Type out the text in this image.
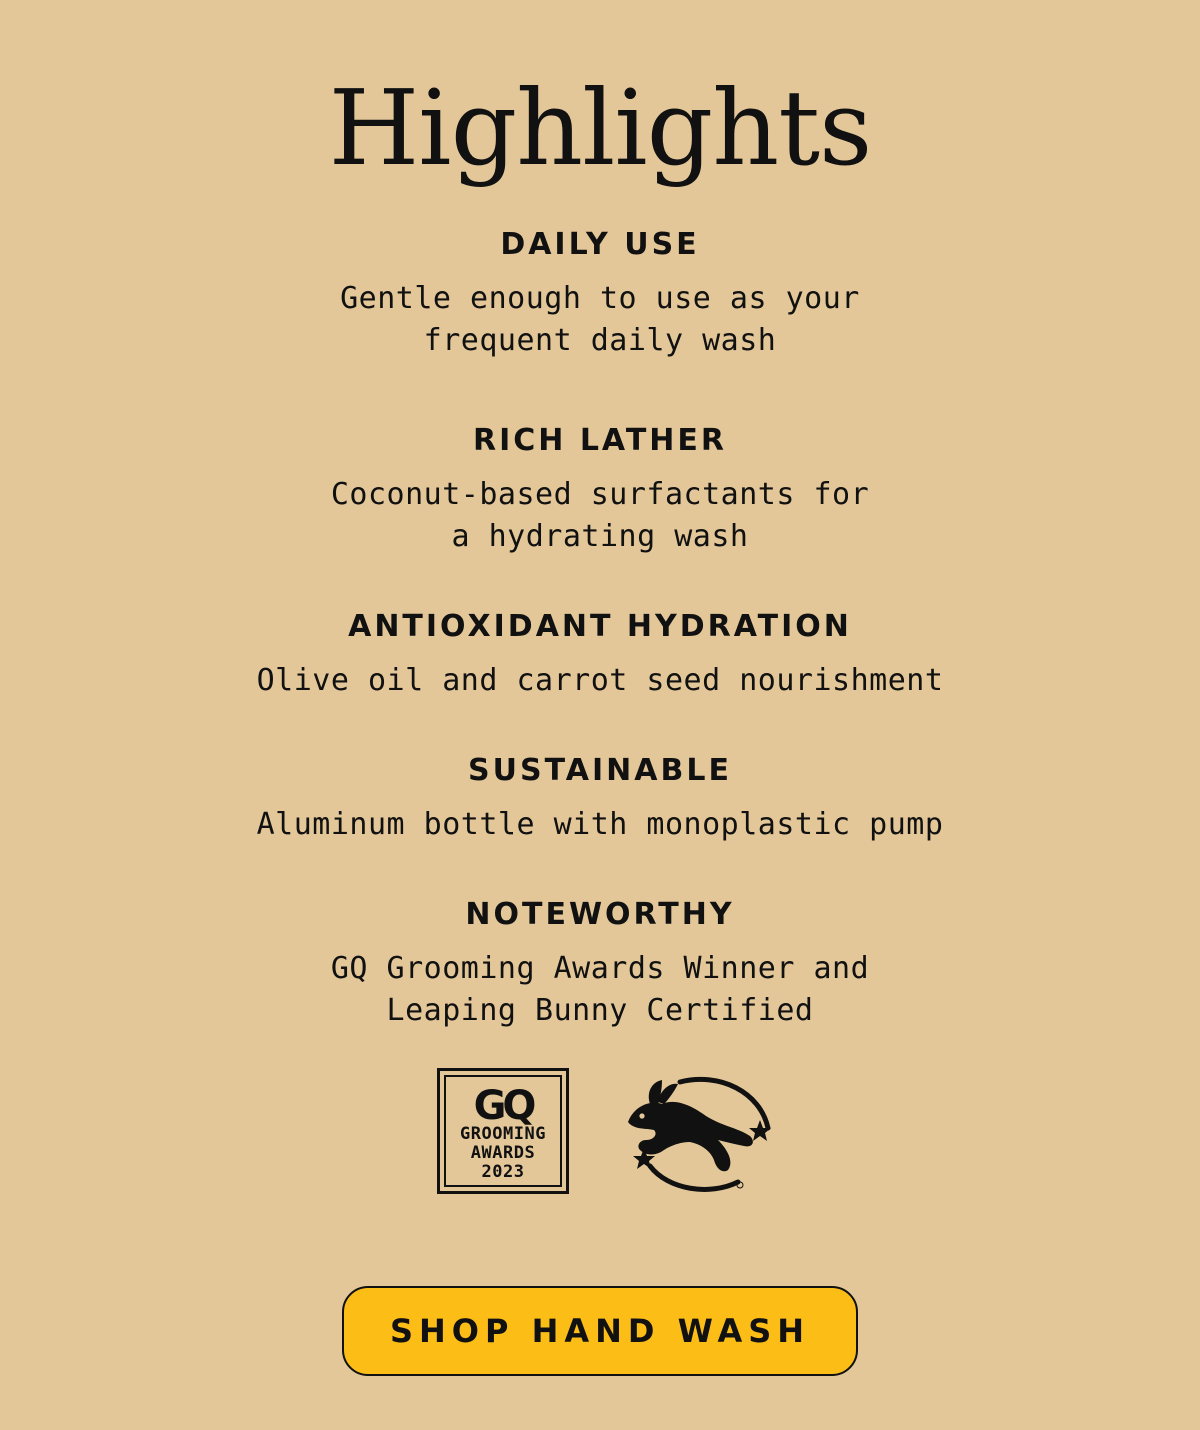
Highlights
DAILY USE

Gentle enough to use as your
frequent daily wash

RICH LATHER

Coconut-based surfactants for
a hydrating wash

ANTIOXIDANT HYDRATION

Olive oil and carrot seed nourishment

SUSTAINABLE

Aluminum bottle with monoplastic pump

NOTEWORTHY

GQ Grooming Awards Winner and
Leaping Bunny Certified

GQ
GROOMING
AWARDS
2023
SHOP HAND WASH
